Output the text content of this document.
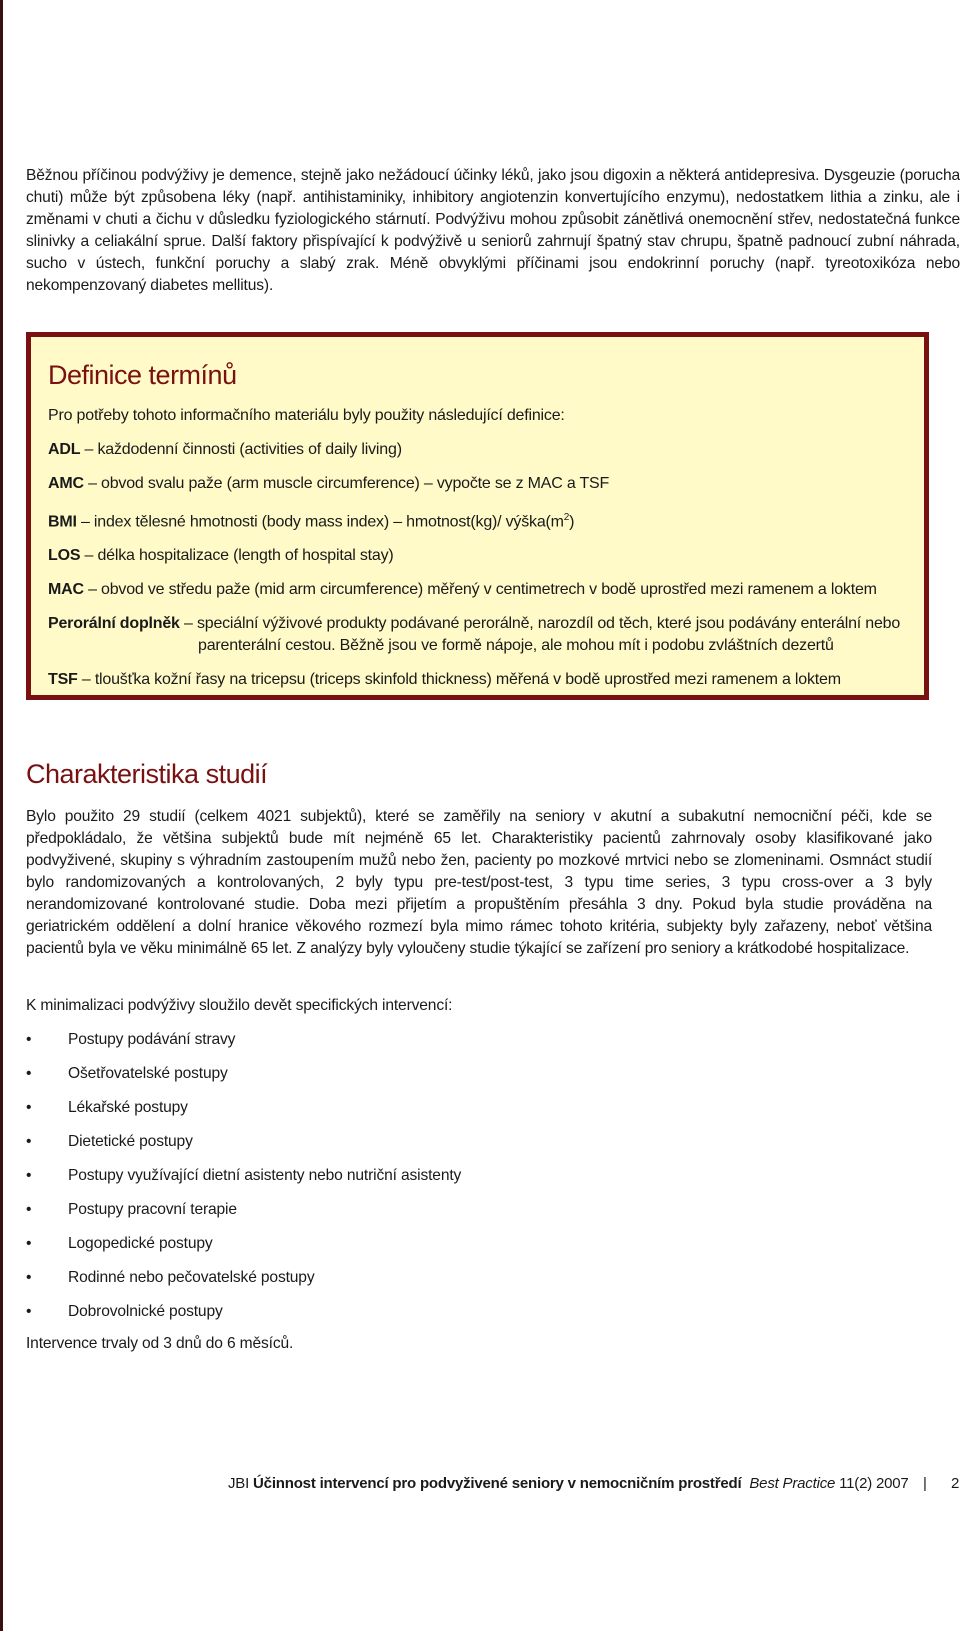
Běžnou příčinou podvýživy je demence, stejně jako nežádoucí účinky léků, jako jsou digoxin a některá antidepresiva. Dysgeuzie (porucha chuti) může být způsobena léky (např. antihistaminiky, inhibitory angiotenzin konvertujícího enzymu), nedostatkem lithia a zinku, ale i změnami v chuti a čichu v důsledku fyziologického stárnutí. Podvýživu mohou způsobit zánětlivá onemocnění střev, nedostatečná funkce slinivky a celiakální sprue. Další faktory přispívající k podvýživě u seniorů zahrnují špatný stav chrupu, špatně padnoucí zubní náhrada, sucho v ústech, funkční poruchy a slabý zrak. Méně obvyklými příčinami jsou endokrinní poruchy (např. tyreotoxikóza nebo nekompenzovaný diabetes mellitus).

Definice termínů

Pro potřeby tohoto informačního materiálu byly použity následující definice:

ADL – každodenní činnosti (activities of daily living)

AMC – obvod svalu paže (arm muscle circumference) – vypočte se z MAC a TSF

BMI – index tělesné hmotnosti (body mass index) – hmotnost(kg)/ $výška(m^2)$

LOS – délka hospitalizace (length of hospital stay)

MAC – obvod ve středu paže (mid arm circumference) měřený v centimetrech v bodě uprostřed mezi ramenem a loktem

Perorální doplněk – speciální výživové produkty podávané perorálně, narozdíl od těch, které jsou podávány enterální nebo parenterální cestou. Běžně jsou ve formě nápoje, ale mohou mít i podobu zvláštních dezertů

TSF – tloušťka kožní řasy na tricepsu (triceps skinfold thickness) měřená v bodě uprostřed mezi ramenem a loktem

Charakteristika studií

Bylo použito 29 studií (celkem 4021 subjektů), které se zaměřily na seniory v akutní a subakutní nemocniční péči, kde se předpokládalo, že většina subjektů bude mít nejméně 65 let. Charakteristiky pacientů zahrnovaly osoby klasifikované jako podvyživené, skupiny s výhradním zastoupením mužů nebo žen, pacienty po mozkové mrtvici nebo se zlomeninami. Osmnáct studií bylo randomizovaných a kontrolovaných, 2 byly typu pre-test/post-test, 3 typu time series, 3 typu cross-over a 3 byly nerandomizované kontrolované studie. Doba mezi přijetím a propuštěním přesáhla 3 dny. Pokud byla studie prováděna na geriatrickém oddělení a dolní hranice věkového rozmezí byla mimo rámec tohoto kritéria, subjekty byly zařazeny, neboť většina pacientů byla ve věku minimálně 65 let. Z analýzy byly vyloučeny studie týkající se zařízení pro seniory a krátkodobé hospitalizace.

K minimalizaci podvýživy sloužilo devět specifických intervencí:

• Postupy podávání stravy
• Ošetřovatelské postupy
• Lékařské postupy
• Dietetické postupy
• Postupy využívající dietní asistenty nebo nutriční asistenty
• Postupy pracovní terapie
• Logopedické postupy
• Rodinné nebo pečovatelské postupy
• Dobrovolnické postupy

Intervence trvaly od 3 dnů do 6 měsíců.

JBI Účinnost intervencí pro podvyživené seniory v nemocničním prostředí Best Practice 11(2) 2007 | 2
